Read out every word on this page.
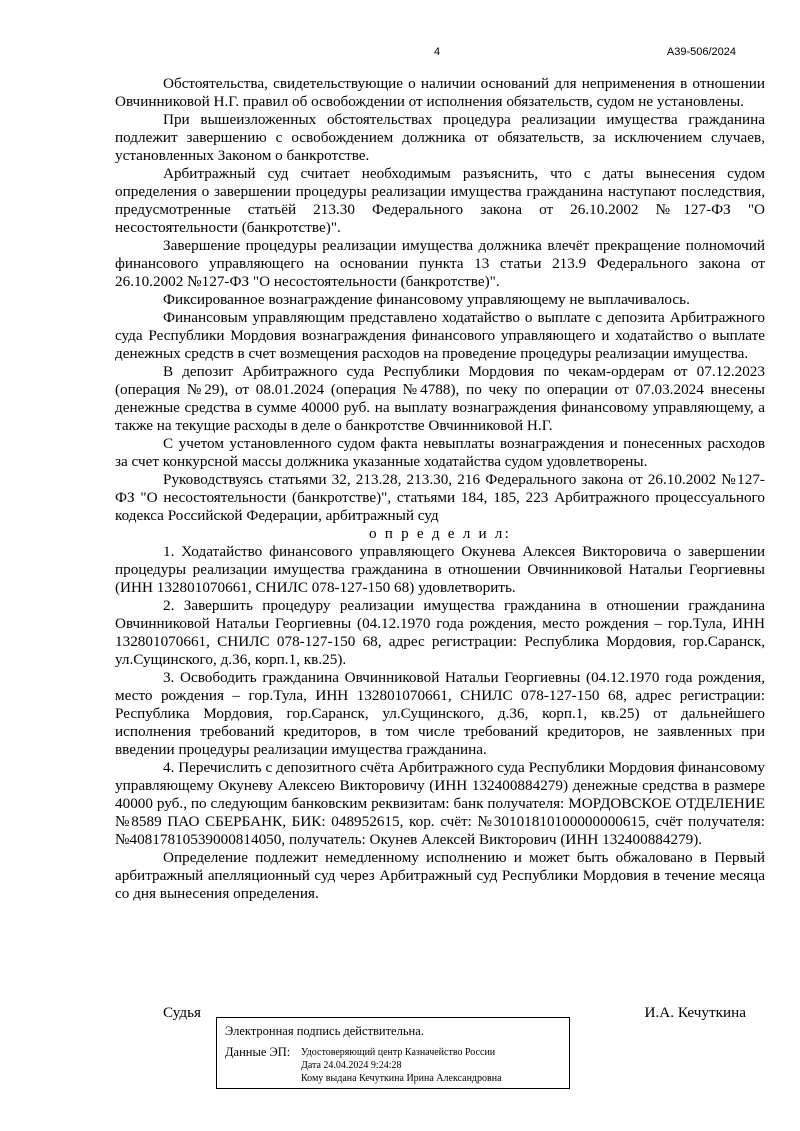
4	А39-506/2024

Обстоятельства, свидетельствующие о наличии оснований для неприменения в отношении Овчинниковой Н.Г. правил об освобождении от исполнения обязательств, судом не установлены.

При вышеизложенных обстоятельствах процедура реализации имущества гражданина подлежит завершению с освобождением должника от обязательств, за исключением случаев, установленных Законом о банкротстве.

Арбитражный суд считает необходимым разъяснить, что с даты вынесения судом определения о завершении процедуры реализации имущества гражданина наступают последствия, предусмотренные статьёй 213.30 Федерального закона от 26.10.2002 №127-ФЗ "О несостоятельности (банкротстве)".

Завершение процедуры реализации имущества должника влечёт прекращение полномочий финансового управляющего на основании пункта 13 статьи 213.9 Федерального закона от 26.10.2002 №127-ФЗ "О несостоятельности (банкротстве)".

Фиксированное вознаграждение финансовому управляющему не выплачивалось.

Финансовым управляющим представлено ходатайство о выплате с депозита Арбитражного суда Республики Мордовия вознаграждения финансового управляющего и ходатайство о выплате денежных средств в счет возмещения расходов на проведение процедуры реализации имущества.

В депозит Арбитражного суда Республики Мордовия по чекам-ордерам от 07.12.2023 (операция №29), от 08.01.2024 (операция №4788), по чеку по операции от 07.03.2024 внесены денежные средства в сумме 40000 руб. на выплату вознаграждения финансовому управляющему, а также на текущие расходы в деле о банкротстве Овчинниковой Н.Г.

С учетом установленного судом факта невыплаты вознаграждения и понесенных расходов за счет конкурсной массы должника указанные ходатайства судом удовлетворены.

Руководствуясь статьями 32, 213.28, 213.30, 216 Федерального закона от 26.10.2002 №127-ФЗ "О несостоятельности (банкротстве)", статьями 184, 185, 223 Арбитражного процессуального кодекса Российской Федерации, арбитражный суд

о п р е д е л и л:

1. Ходатайство финансового управляющего Окунева Алексея Викторовича о завершении процедуры реализации имущества гражданина в отношении Овчинниковой Натальи Георгиевны (ИНН 132801070661, СНИЛС 078-127-150 68) удовлетворить.

2. Завершить процедуру реализации имущества гражданина в отношении гражданина Овчинниковой Натальи Георгиевны (04.12.1970 года рождения, место рождения – гор.Тула, ИНН 132801070661, СНИЛС 078-127-150 68, адрес регистрации: Республика Мордовия, гор.Саранск, ул.Сущинского, д.36, корп.1, кв.25).

3. Освободить гражданина Овчинниковой Натальи Георгиевны (04.12.1970 года рождения, место рождения – гор.Тула, ИНН 132801070661, СНИЛС 078-127-150 68, адрес регистрации: Республика Мордовия, гор.Саранск, ул.Сущинского, д.36, корп.1, кв.25) от дальнейшего исполнения требований кредиторов, в том числе требований кредиторов, не заявленных при введении процедуры реализации имущества гражданина.

4. Перечислить с депозитного счёта Арбитражного суда Республики Мордовия финансовому управляющему Окуневу Алексею Викторовичу (ИНН 132400884279) денежные средства в размере 40000 руб., по следующим банковским реквизитам: банк получателя: МОРДОВСКОЕ ОТДЕЛЕНИЕ №8589 ПАО СБЕРБАНК, БИК: 048952615, кор. счёт: №30101810100000000615, счёт получателя: №40817810539000814050, получатель: Окунев Алексей Викторович (ИНН 132400884279).

Определение подлежит немедленному исполнению и может быть обжаловано в Первый арбитражный апелляционный суд через Арбитражный суд Республики Мордовия в течение месяца со дня вынесения определения.

Судья	И.А. Кечуткина
Электронная подпись действительна.
Данные ЭП: Удостоверяющий центр Казначейство России
Дата 24.04.2024 9:24:28
Кому выдана Кечуткина Ирина Александровна
